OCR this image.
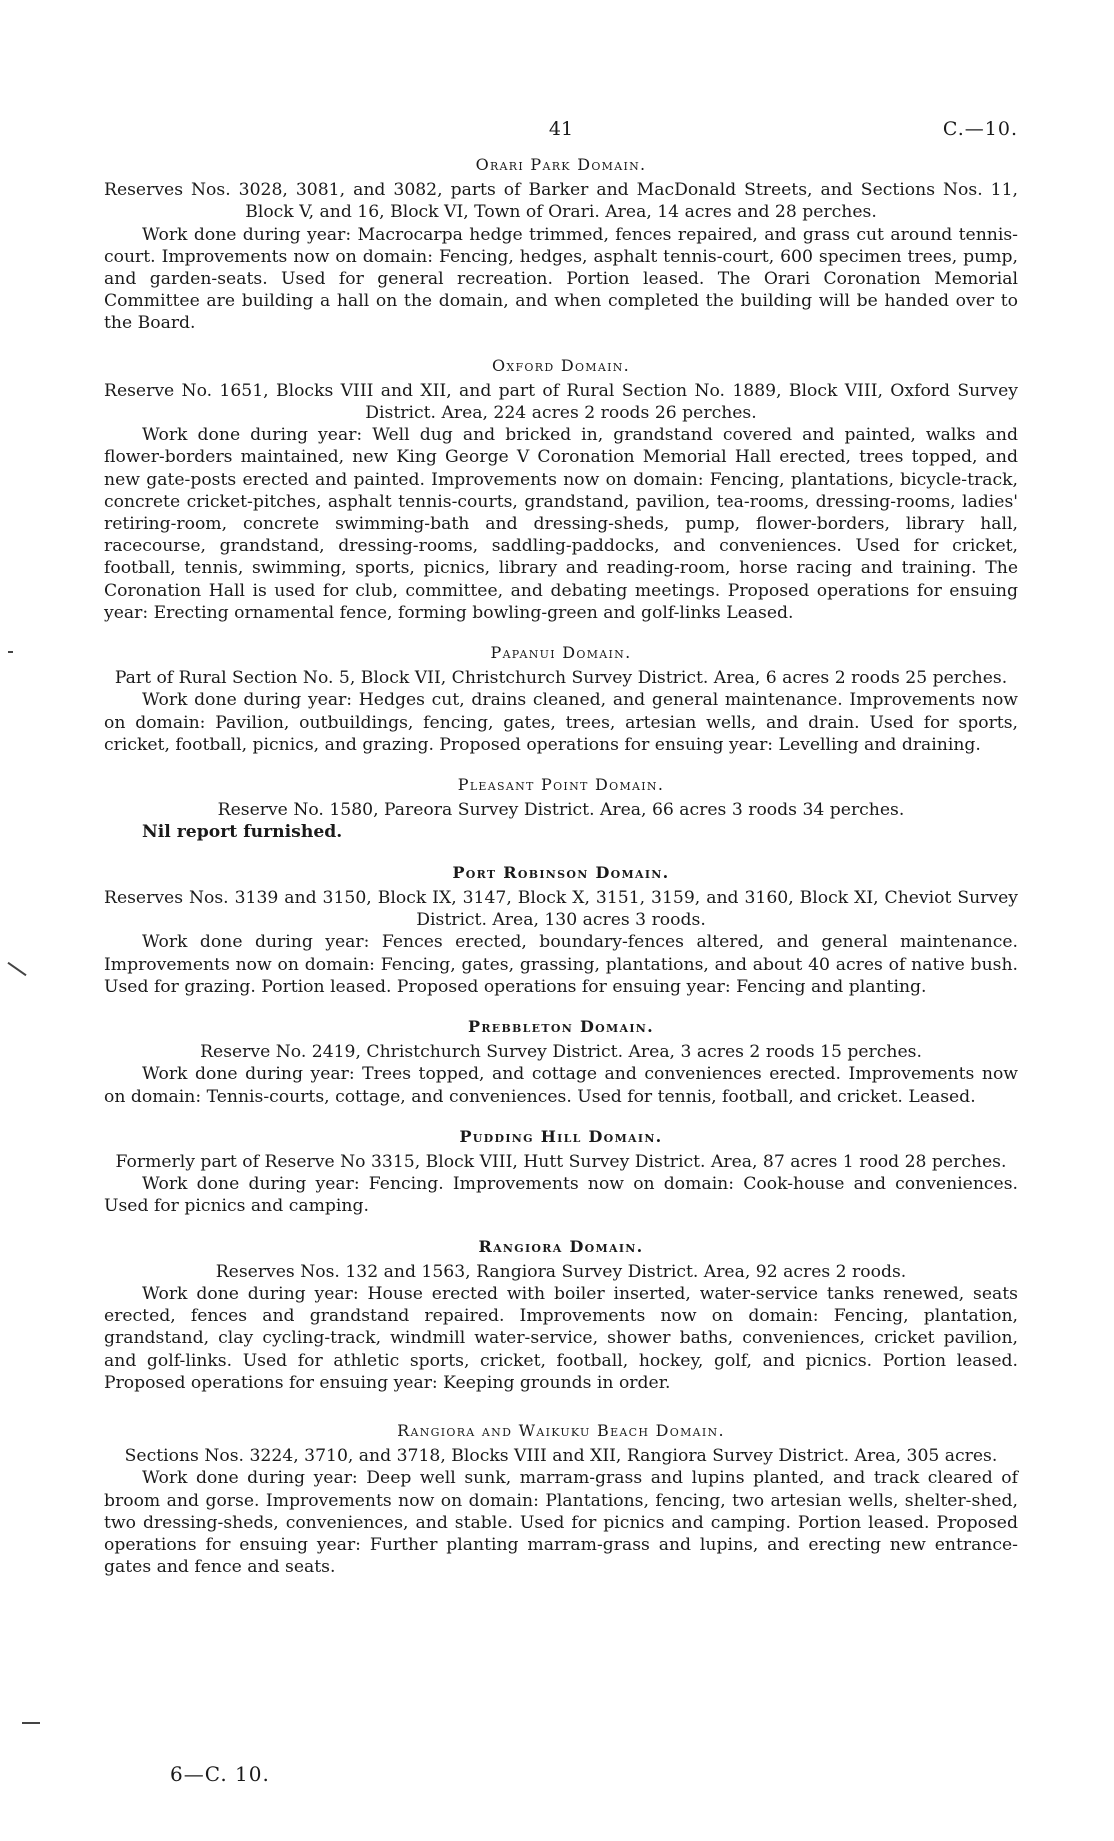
41	C.—10.
Orari Park Domain.

Reserves Nos. 3028, 3081, and 3082, parts of Barker and MacDonald Streets, and Sections Nos. 11, Block V, and 16, Block VI, Town of Orari. Area, 14 acres and 28 perches.

Work done during year: Macrocarpa hedge trimmed, fences repaired, and grass cut around tennis-court. Improvements now on domain: Fencing, hedges, asphalt tennis-court, 600 specimen trees, pump, and garden-seats. Used for general recreation. Portion leased. The Orari Coronation Memorial Committee are building a hall on the domain, and when completed the building will be handed over to the Board.

Oxford Domain.

Reserve No. 1651, Blocks VIII and XII, and part of Rural Section No. 1889, Block VIII, Oxford Survey District. Area, 224 acres 2 roods 26 perches.

Work done during year: Well dug and bricked in, grandstand covered and painted, walks and flower-borders maintained, new King George V Coronation Memorial Hall erected, trees topped, and new gate-posts erected and painted. Improvements now on domain: Fencing, plantations, bicycle-track, concrete cricket-pitches, asphalt tennis-courts, grandstand, pavilion, tea-rooms, dressing-rooms, ladies' retiring-room, concrete swimming-bath and dressing-sheds, pump, flower-borders, library hall, racecourse, grandstand, dressing-rooms, saddling-paddocks, and conveniences. Used for cricket, football, tennis, swimming, sports, picnics, library and reading-room, horse racing and training. The Coronation Hall is used for club, committee, and debating meetings. Proposed operations for ensuing year: Erecting ornamental fence, forming bowling-green and golf-links Leased.

Papanui Domain.

Part of Rural Section No. 5, Block VII, Christchurch Survey District. Area, 6 acres 2 roods 25 perches.

Work done during year: Hedges cut, drains cleaned, and general maintenance. Improvements now on domain: Pavilion, outbuildings, fencing, gates, trees, artesian wells, and drain. Used for sports, cricket, football, picnics, and grazing. Proposed operations for ensuing year: Levelling and draining.

Pleasant Point Domain.

Reserve No. 1580, Pareora Survey District. Area, 66 acres 3 roods 34 perches.

Nil report furnished.

Port Robinson Domain.

Reserves Nos. 3139 and 3150, Block IX, 3147, Block X, 3151, 3159, and 3160, Block XI, Cheviot Survey District. Area, 130 acres 3 roods.

Work done during year: Fences erected, boundary-fences altered, and general maintenance. Improvements now on domain: Fencing, gates, grassing, plantations, and about 40 acres of native bush. Used for grazing. Portion leased. Proposed operations for ensuing year: Fencing and planting.

Prebbleton Domain.

Reserve No. 2419, Christchurch Survey District. Area, 3 acres 2 roods 15 perches.

Work done during year: Trees topped, and cottage and conveniences erected. Improvements now on domain: Tennis-courts, cottage, and conveniences. Used for tennis, football, and cricket. Leased.

Pudding Hill Domain.

Formerly part of Reserve No 3315, Block VIII, Hutt Survey District. Area, 87 acres 1 rood 28 perches.

Work done during year: Fencing. Improvements now on domain: Cook-house and conveniences. Used for picnics and camping.

Rangiora Domain.

Reserves Nos. 132 and 1563, Rangiora Survey District. Area, 92 acres 2 roods.

Work done during year: House erected with boiler inserted, water-service tanks renewed, seats erected, fences and grandstand repaired. Improvements now on domain: Fencing, plantation, grandstand, clay cycling-track, windmill water-service, shower baths, conveniences, cricket pavilion, and golf-links. Used for athletic sports, cricket, football, hockey, golf, and picnics. Portion leased. Proposed operations for ensuing year: Keeping grounds in order.

Rangiora and Waikuku Beach Domain.

Sections Nos. 3224, 3710, and 3718, Blocks VIII and XII, Rangiora Survey District. Area, 305 acres.

Work done during year: Deep well sunk, marram-grass and lupins planted, and track cleared of broom and gorse. Improvements now on domain: Plantations, fencing, two artesian wells, shelter-shed, two dressing-sheds, conveniences, and stable. Used for picnics and camping. Portion leased. Proposed operations for ensuing year: Further planting marram-grass and lupins, and erecting new entrance-gates and fence and seats.

6—C. 10.
